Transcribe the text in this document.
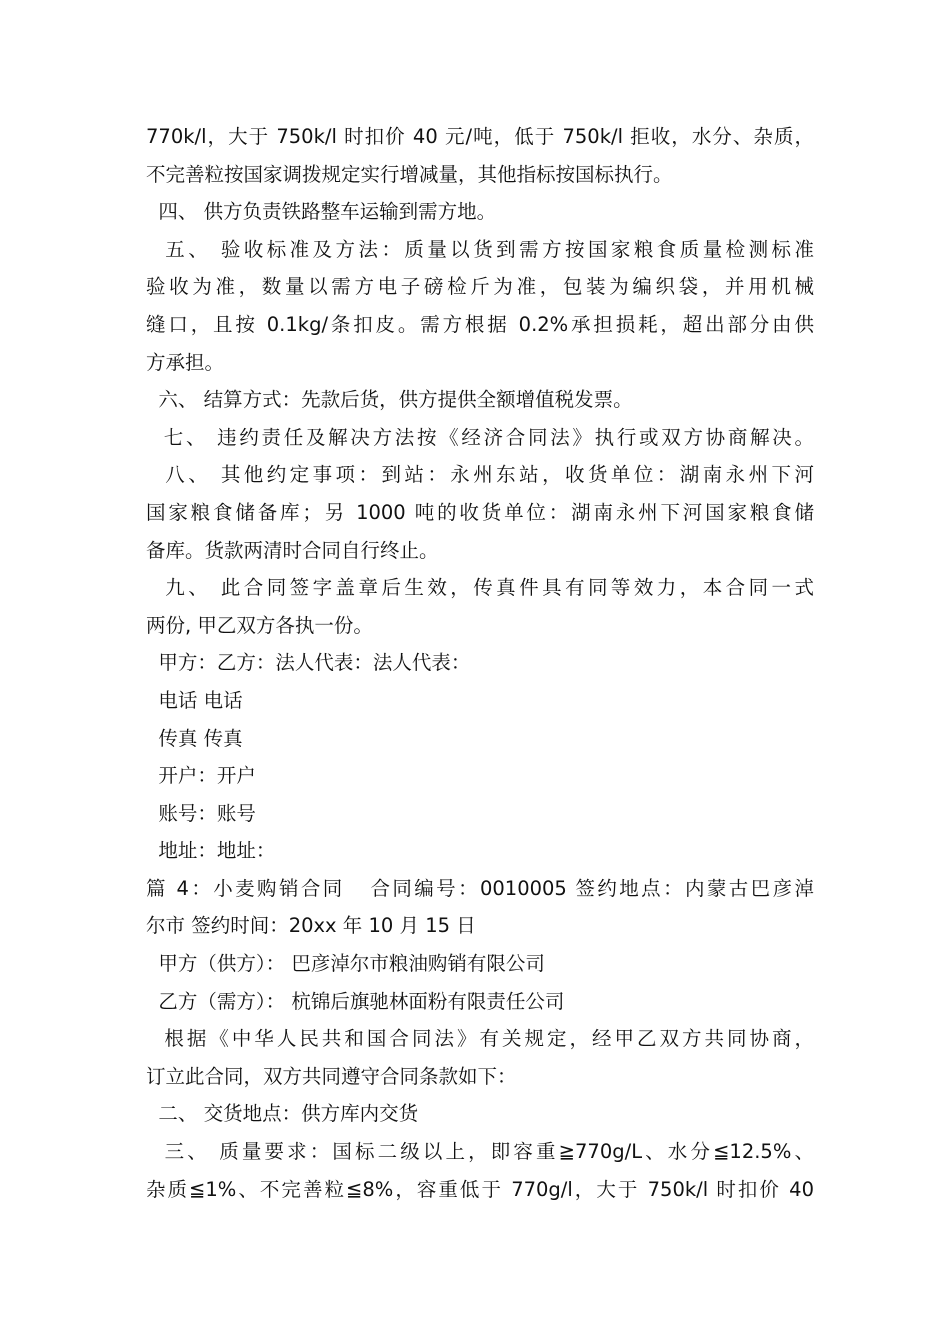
770k/l，大于 750k/l 时扣价 40 元/吨，低于 750k/l 拒收，水分、杂质，
不完善粒按国家调拨规定实行增减量，其他指标按国标执行。
四、 供方负责铁路整车运输到需方地。
五、 验收标准及方法：质量以货到需方按国家粮食质量检测标准
验收为准，数量以需方电子磅检斤为准，包装为编织袋，并用机械
缝口，且按 0.1kg/条扣皮。需方根据 0.2%承担损耗，超出部分由供
方承担。
六、 结算方式：先款后货，供方提供全额增值税发票。
七、 违约责任及解决方法按《经济合同法》执行或双方协商解决。
八、 其他约定事项：到站：永州东站，收货单位：湖南永州下河
国家粮食储备库；另 1000 吨的收货单位：湖南永州下河国家粮食储
备库。货款两清时合同自行终止。
九、 此合同签字盖章后生效，传真件具有同等效力，本合同一式
两份, 甲乙双方各执一份。
甲方：乙方：法人代表：法人代表：
电话 电话
传真 传真
开户：开户
账号：账号
地址：地址：
篇 4：小麦购销合同   合同编号：0010005 签约地点：内蒙古巴彦淖
尔市 签约时间：20xx 年 10 月 15 日
甲方（供方）： 巴彦淖尔市粮油购销有限公司
乙方（需方）： 杭锦后旗驰林面粉有限责任公司
根据《中华人民共和国合同法》有关规定，经甲乙双方共同协商，
订立此合同，双方共同遵守合同条款如下：
二、 交货地点：供方库内交货
三、 质量要求：国标二级以上，即容重≧770g/L、水分≦12.5%、
杂质≦1%、不完善粒≦8%，容重低于 770g/l，大于 750k/l 时扣价 40
